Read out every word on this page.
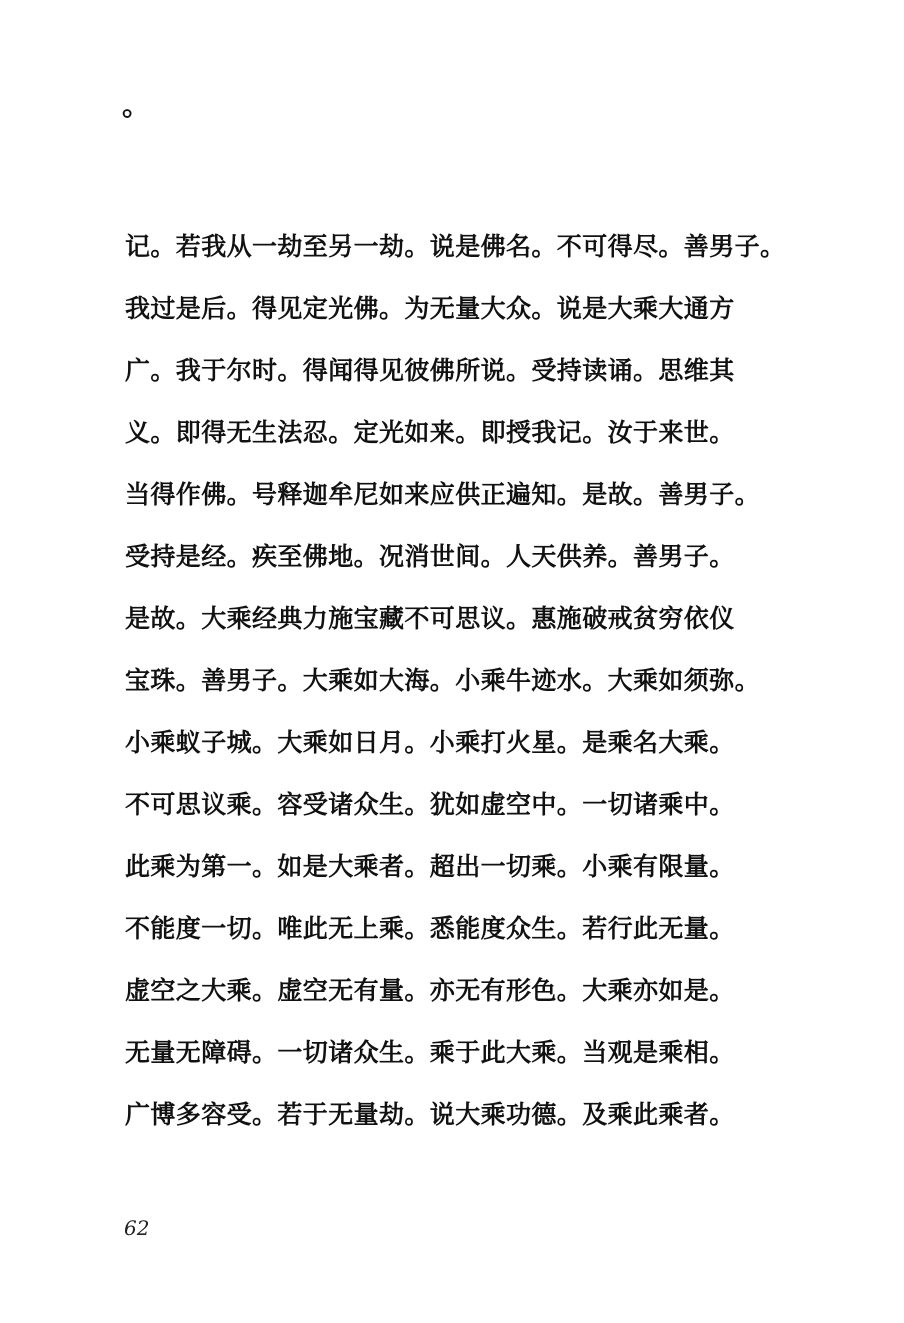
。
记。若我从一劫至另一劫。说是佛名。不可得尽。善男子。
我过是后。得见定光佛。为无量大众。说是大乘大通方
广。我于尔时。得闻得见彼佛所说。受持读诵。思维其
义。即得无生法忍。定光如来。即授我记。汝于来世。
当得作佛。号释迦牟尼如来应供正遍知。是故。善男子。
受持是经。疾至佛地。况消世间。人天供养。善男子。
是故。大乘经典力施宝藏不可思议。惠施破戒贫穷依仪
宝珠。善男子。大乘如大海。小乘牛迹水。大乘如须弥。
小乘蚁子城。大乘如日月。小乘打火星。是乘名大乘。
不可思议乘。容受诸众生。犹如虚空中。一切诸乘中。
此乘为第一。如是大乘者。超出一切乘。小乘有限量。
不能度一切。唯此无上乘。悉能度众生。若行此无量。
虚空之大乘。虚空无有量。亦无有形色。大乘亦如是。
无量无障碍。一切诸众生。乘于此大乘。当观是乘相。
广博多容受。若于无量劫。说大乘功德。及乘此乘者。
62
